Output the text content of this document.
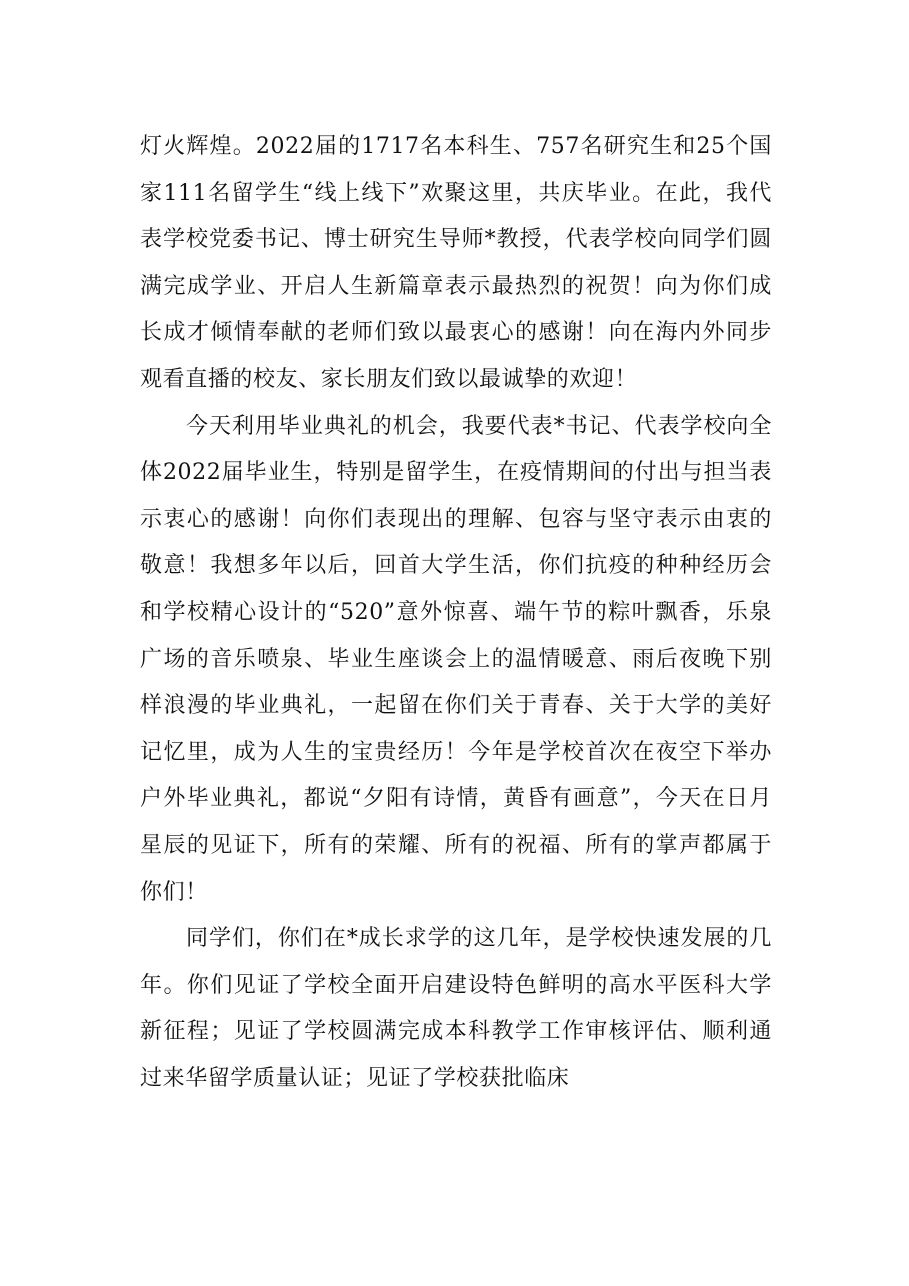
灯火辉煌。2022届的1717名本科生、757名研究生和25个国家111名留学生“线上线下”欢聚这里，共庆毕业。在此，我代表学校党委书记、博士研究生导师*教授，代表学校向同学们圆满完成学业、开启人生新篇章表示最热烈的祝贺！向为你们成长成才倾情奉献的老师们致以最衷心的感谢！向在海内外同步观看直播的校友、家长朋友们致以最诚挚的欢迎！

今天利用毕业典礼的机会，我要代表*书记、代表学校向全体2022届毕业生，特别是留学生，在疫情期间的付出与担当表示衷心的感谢！向你们表现出的理解、包容与坚守表示由衷的敬意！我想多年以后，回首大学生活，你们抗疫的种种经历会和学校精心设计的“520”意外惊喜、端午节的粽叶飘香，乐泉广场的音乐喷泉、毕业生座谈会上的温情暖意、雨后夜晚下别样浪漫的毕业典礼，一起留在你们关于青春、关于大学的美好记忆里，成为人生的宝贵经历！今年是学校首次在夜空下举办户外毕业典礼，都说“夕阳有诗情，黄昏有画意”，今天在日月星辰的见证下，所有的荣耀、所有的祝福、所有的掌声都属于你们！

同学们，你们在*成长求学的这几年，是学校快速发展的几年。你们见证了学校全面开启建设特色鲜明的高水平医科大学新征程；见证了学校圆满完成本科教学工作审核评估、顺利通过来华留学质量认证；见证了学校获批临床
